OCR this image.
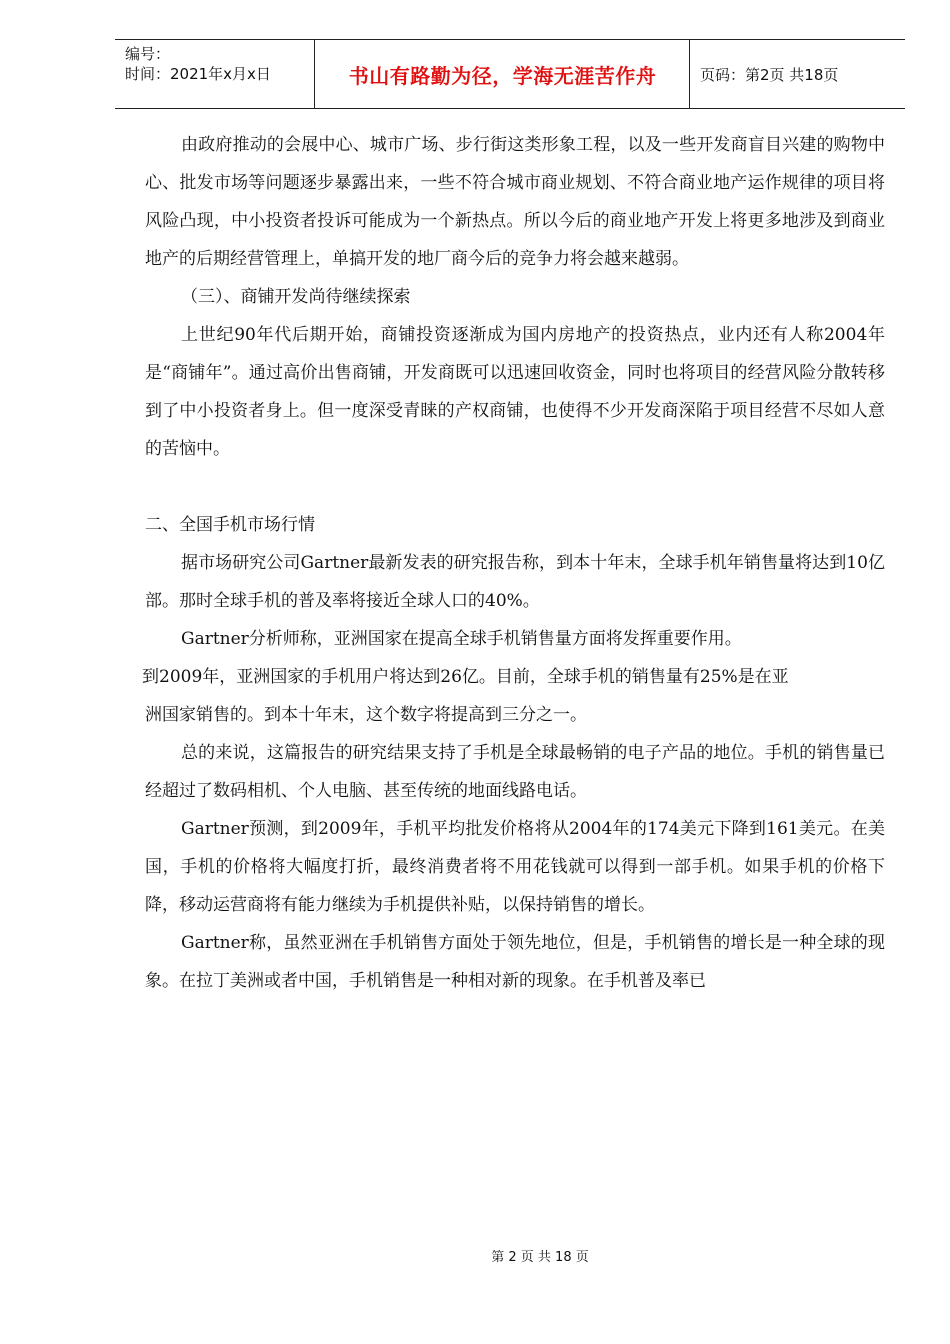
编号：
时间：2021年x月x日	书山有路勤为径，学海无涯苦作舟	页码：第2页 共18页

由政府推动的会展中心、城市广场、步行街这类形象工程，以及一些开发商盲目兴建的购物中心、批发市场等问题逐步暴露出来，一些不符合城市商业规划、不符合商业地产运作规律的项目将风险凸现，中小投资者投诉可能成为一个新热点。所以今后的商业地产开发上将更多地涉及到商业地产的后期经营管理上，单搞开发的地厂商今后的竞争力将会越来越弱。

（三）、商铺开发尚待继续探索

上世纪90年代后期开始，商铺投资逐渐成为国内房地产的投资热点，业内还有人称2004年是“商铺年”。通过高价出售商铺，开发商既可以迅速回收资金，同时也将项目的经营风险分散转移到了中小投资者身上。但一度深受青睐的产权商铺，也使得不少开发商深陷于项目经营不尽如人意的苦恼中。

二、全国手机市场行情

据市场研究公司Gartner最新发表的研究报告称，到本十年末，全球手机年销售量将达到10亿部。那时全球手机的普及率将接近全球人口的40%。

Gartner分析师称，亚洲国家在提高全球手机销售量方面将发挥重要作用。

到2009年，亚洲国家的手机用户将达到26亿。目前，全球手机的销售量有25%是在亚

洲国家销售的。到本十年末，这个数字将提高到三分之一。

总的来说，这篇报告的研究结果支持了手机是全球最畅销的电子产品的地位。手机的销售量已经超过了数码相机、个人电脑、甚至传统的地面线路电话。

Gartner预测，到2009年，手机平均批发价格将从2004年的174美元下降到161美元。在美国，手机的价格将大幅度打折，最终消费者将不用花钱就可以得到一部手机。如果手机的价格下降，移动运营商将有能力继续为手机提供补贴，以保持销售的增长。

Gartner称，虽然亚洲在手机销售方面处于领先地位，但是，手机销售的增长是一种全球的现象。在拉丁美洲或者中国，手机销售是一种相对新的现象。在手机普及率已

第 2 页 共 18 页
